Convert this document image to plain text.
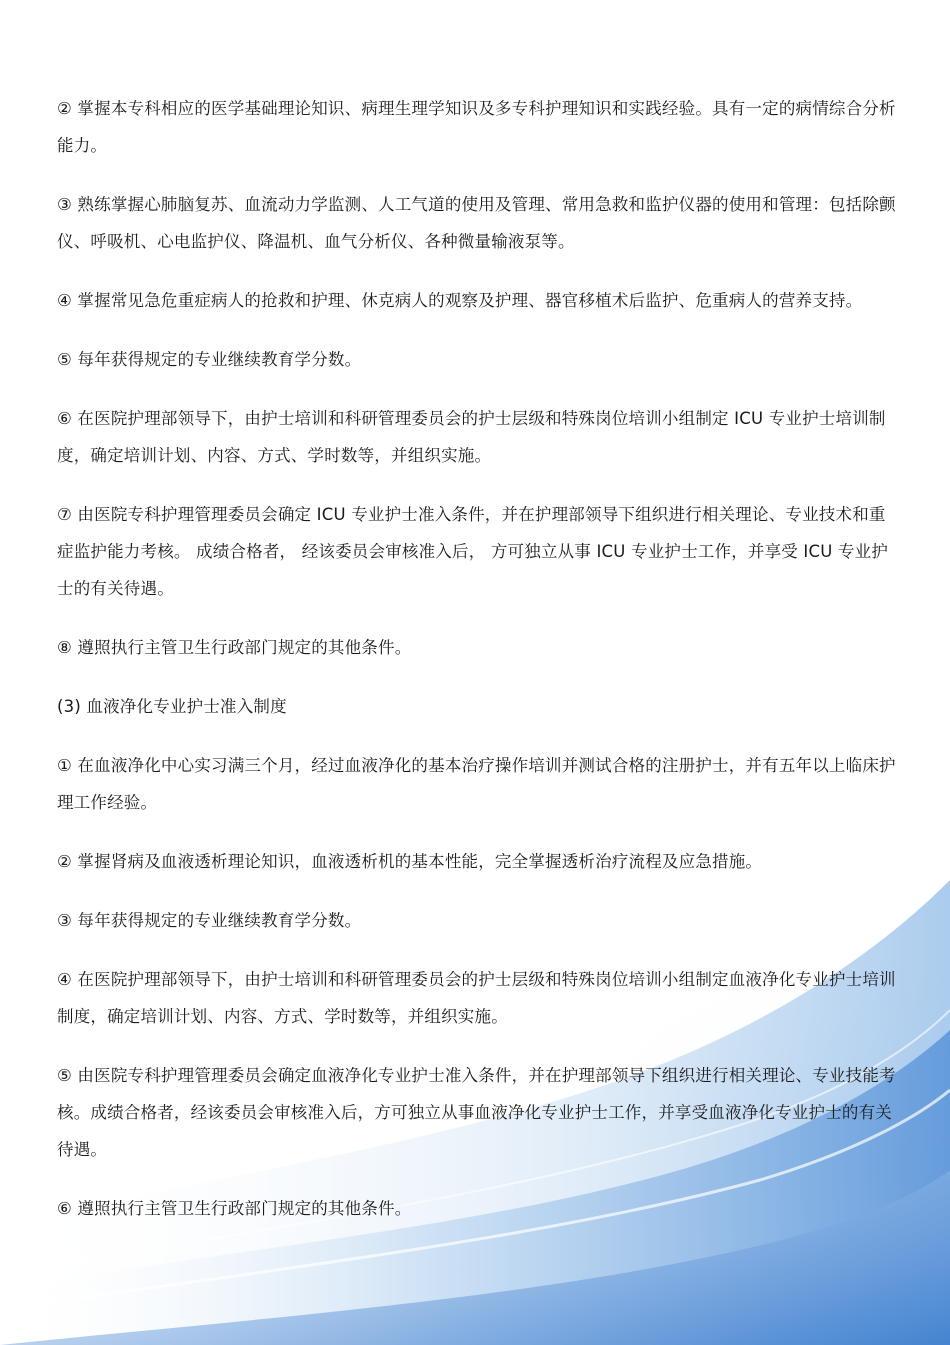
② 掌握本专科相应的医学基础理论知识、病理生理学知识及多专科护理知识和实践经验。具有一定的病情综合分析能力。

③ 熟练掌握心肺脑复苏、血流动力学监测、人工气道的使用及管理、常用急救和监护仪器的使用和管理：包括除颤仪、呼吸机、心电监护仪、降温机、血气分析仪、各种微量输液泵等。

④ 掌握常见急危重症病人的抢救和护理、休克病人的观察及护理、器官移植术后监护、危重病人的营养支持。

⑤ 每年获得规定的专业继续教育学分数。

⑥ 在医院护理部领导下，由护士培训和科研管理委员会的护士层级和特殊岗位培训小组制定 ICU 专业护士培训制度，确定培训计划、内容、方式、学时数等，并组织实施。

⑦ 由医院专科护理管理委员会确定 ICU 专业护士准入条件，并在护理部领导下组织进行相关理论、专业技术和重症监护能力考核。 成绩合格者， 经该委员会审核准入后， 方可独立从事 ICU 专业护士工作，并享受 ICU 专业护士的有关待遇。

⑧ 遵照执行主管卫生行政部门规定的其他条件。

(3) 血液净化专业护士准入制度

① 在血液净化中心实习满三个月，经过血液净化的基本治疗操作培训并测试合格的注册护士，并有五年以上临床护理工作经验。

② 掌握肾病及血液透析理论知识，血液透析机的基本性能，完全掌握透析治疗流程及应急措施。

③ 每年获得规定的专业继续教育学分数。

④ 在医院护理部领导下，由护士培训和科研管理委员会的护士层级和特殊岗位培训小组制定血液净化专业护士培训制度，确定培训计划、内容、方式、学时数等，并组织实施。

⑤ 由医院专科护理管理委员会确定血液净化专业护士准入条件，并在护理部领导下组织进行相关理论、专业技能考核。成绩合格者，经该委员会审核准入后，方可独立从事血液净化专业护士工作，并享受血液净化专业护士的有关待遇。

⑥ 遵照执行主管卫生行政部门规定的其他条件。
